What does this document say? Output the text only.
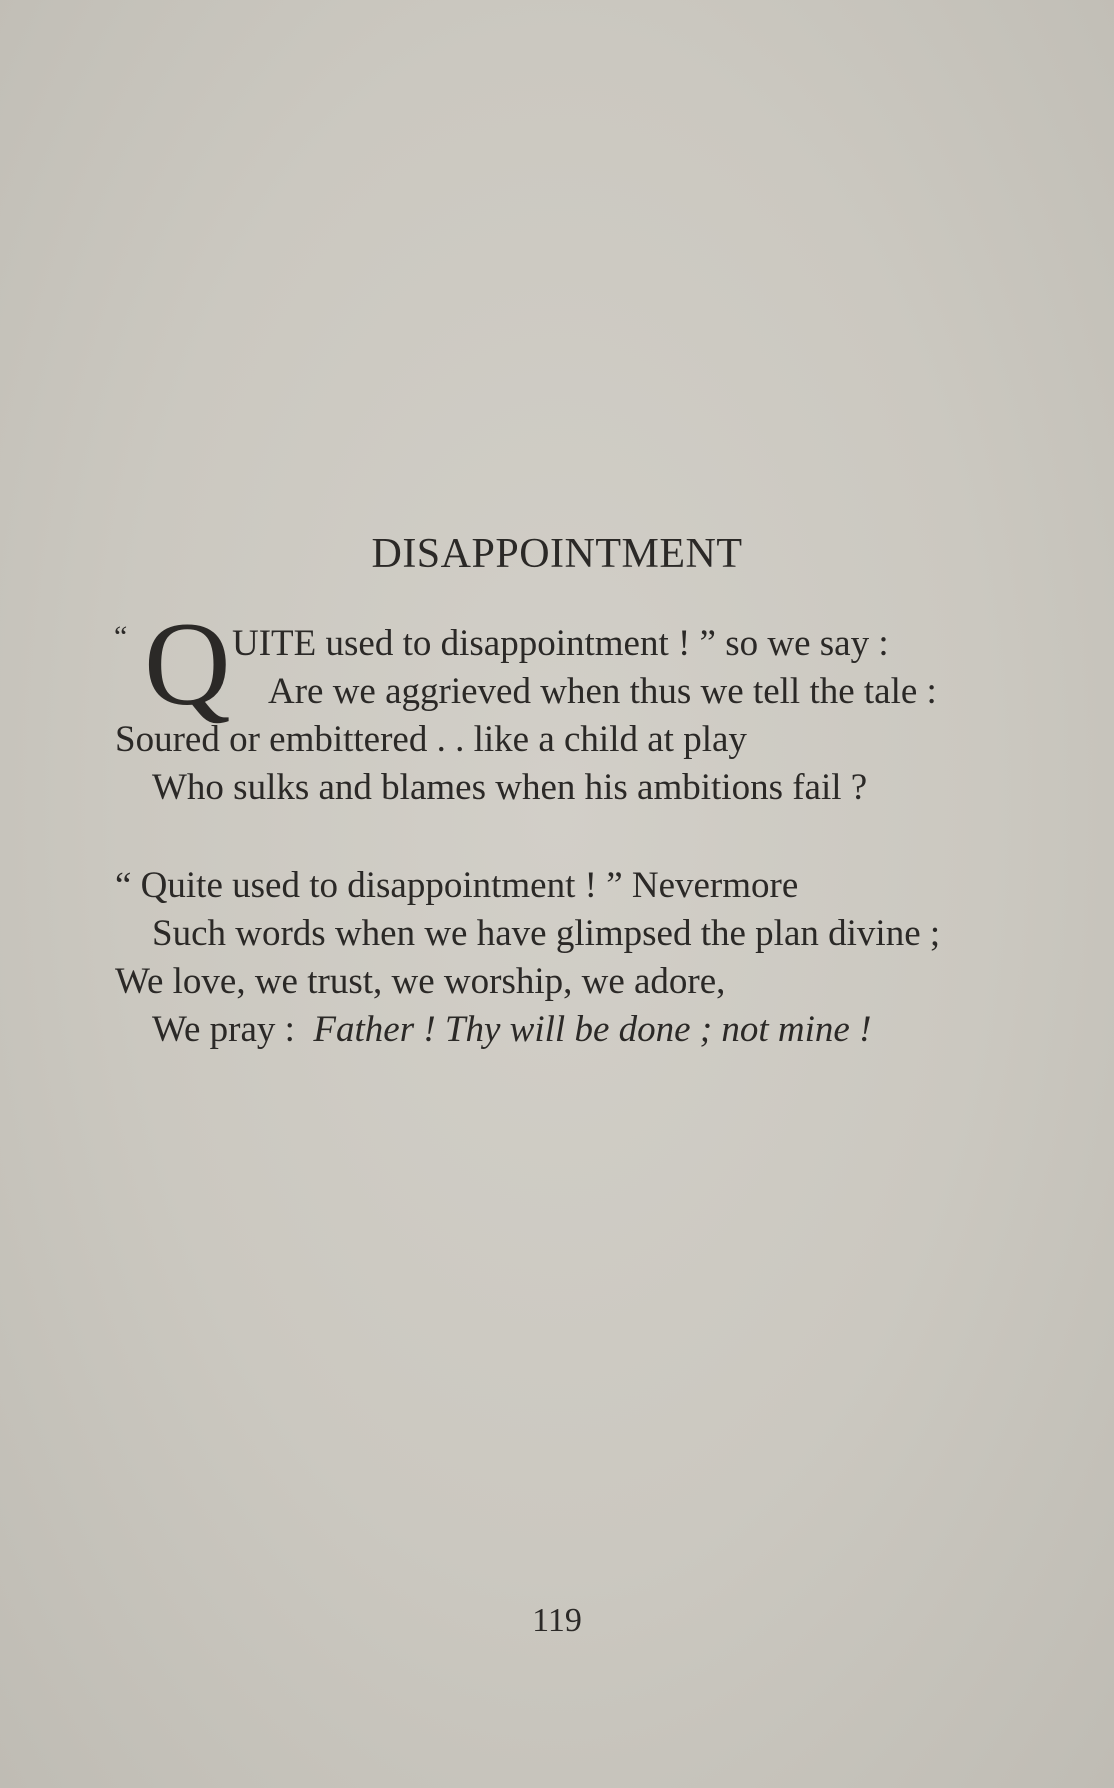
DISAPPOINTMENT
“ Q UITE used to disappointment ! ” so we say :
Are we aggrieved when thus we tell the tale :
Soured or embittered . . like a child at play
Who sulks and blames when his ambitions fail ?
“ Quite used to disappointment ! ” Nevermore
Such words when we have glimpsed the plan divine ;
We love, we trust, we worship, we adore,
We pray : Father ! Thy will be done ; not mine !
119
